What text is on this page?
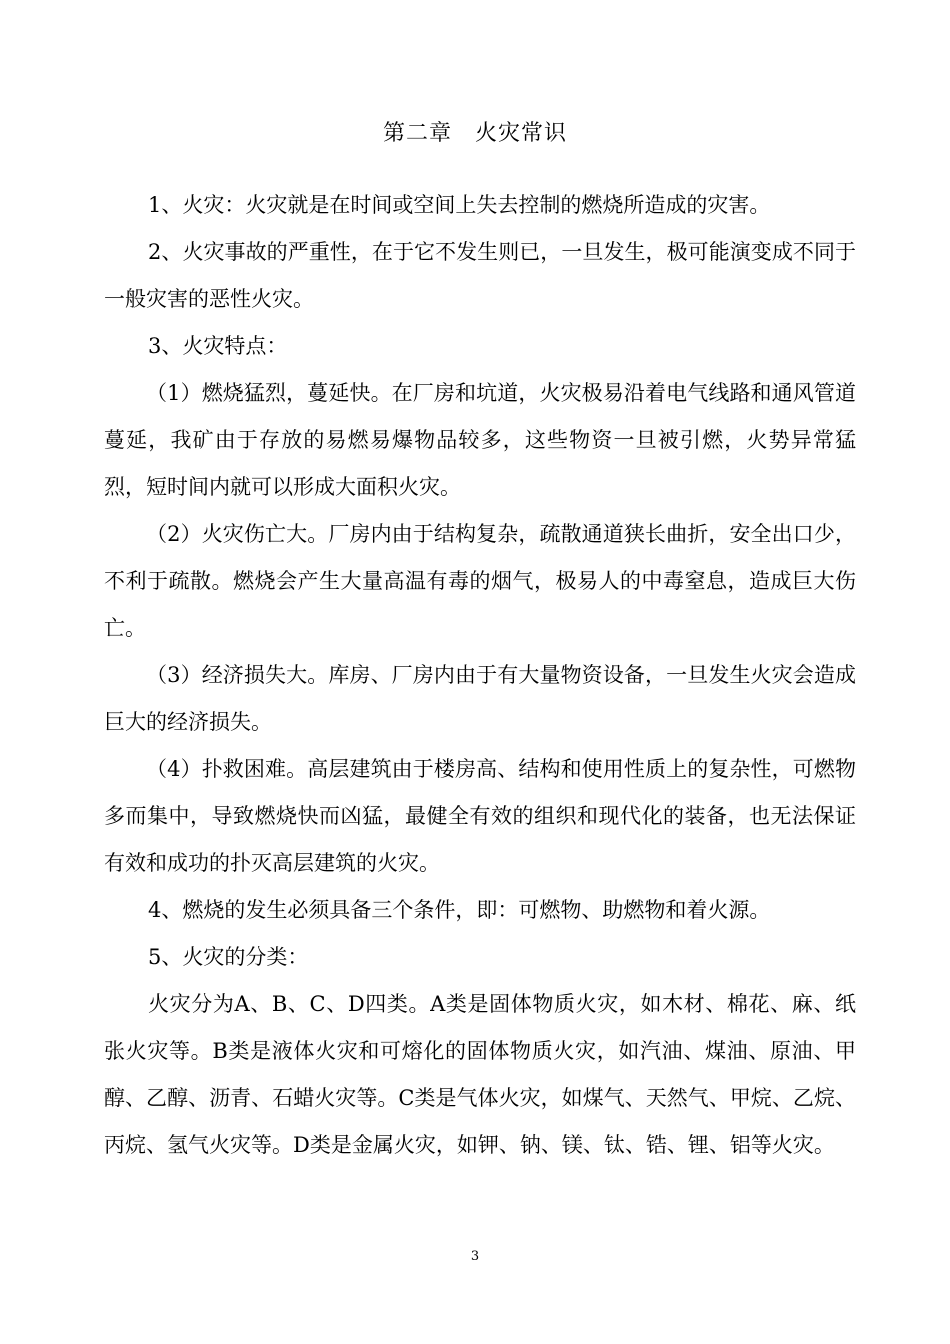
第二章　火灾常识

1、火灾：火灾就是在时间或空间上失去控制的燃烧所造成的灾害。

2、火灾事故的严重性，在于它不发生则已，一旦发生，极可能演变成不同于一般灾害的恶性火灾。

3、火灾特点：

（1）燃烧猛烈，蔓延快。在厂房和坑道，火灾极易沿着电气线路和通风管道蔓延，我矿由于存放的易燃易爆物品较多，这些物资一旦被引燃，火势异常猛烈，短时间内就可以形成大面积火灾。

（2）火灾伤亡大。厂房内由于结构复杂，疏散通道狭长曲折，安全出口少，不利于疏散。燃烧会产生大量高温有毒的烟气，极易人的中毒窒息，造成巨大伤亡。

（3）经济损失大。库房、厂房内由于有大量物资设备，一旦发生火灾会造成巨大的经济损失。

（4）扑救困难。高层建筑由于楼房高、结构和使用性质上的复杂性，可燃物多而集中，导致燃烧快而凶猛，最健全有效的组织和现代化的装备，也无法保证有效和成功的扑灭高层建筑的火灾。

4、燃烧的发生必须具备三个条件，即：可燃物、助燃物和着火源。

5、火灾的分类：

火灾分为A、B、C、D四类。A类是固体物质火灾，如木材、棉花、麻、纸张火灾等。B类是液体火灾和可熔化的固体物质火灾，如汽油、煤油、原油、甲醇、乙醇、沥青、石蜡火灾等。C类是气体火灾，如煤气、天然气、甲烷、乙烷、丙烷、氢气火灾等。D类是金属火灾，如钾、钠、镁、钛、锆、锂、铝等火灾。

3
